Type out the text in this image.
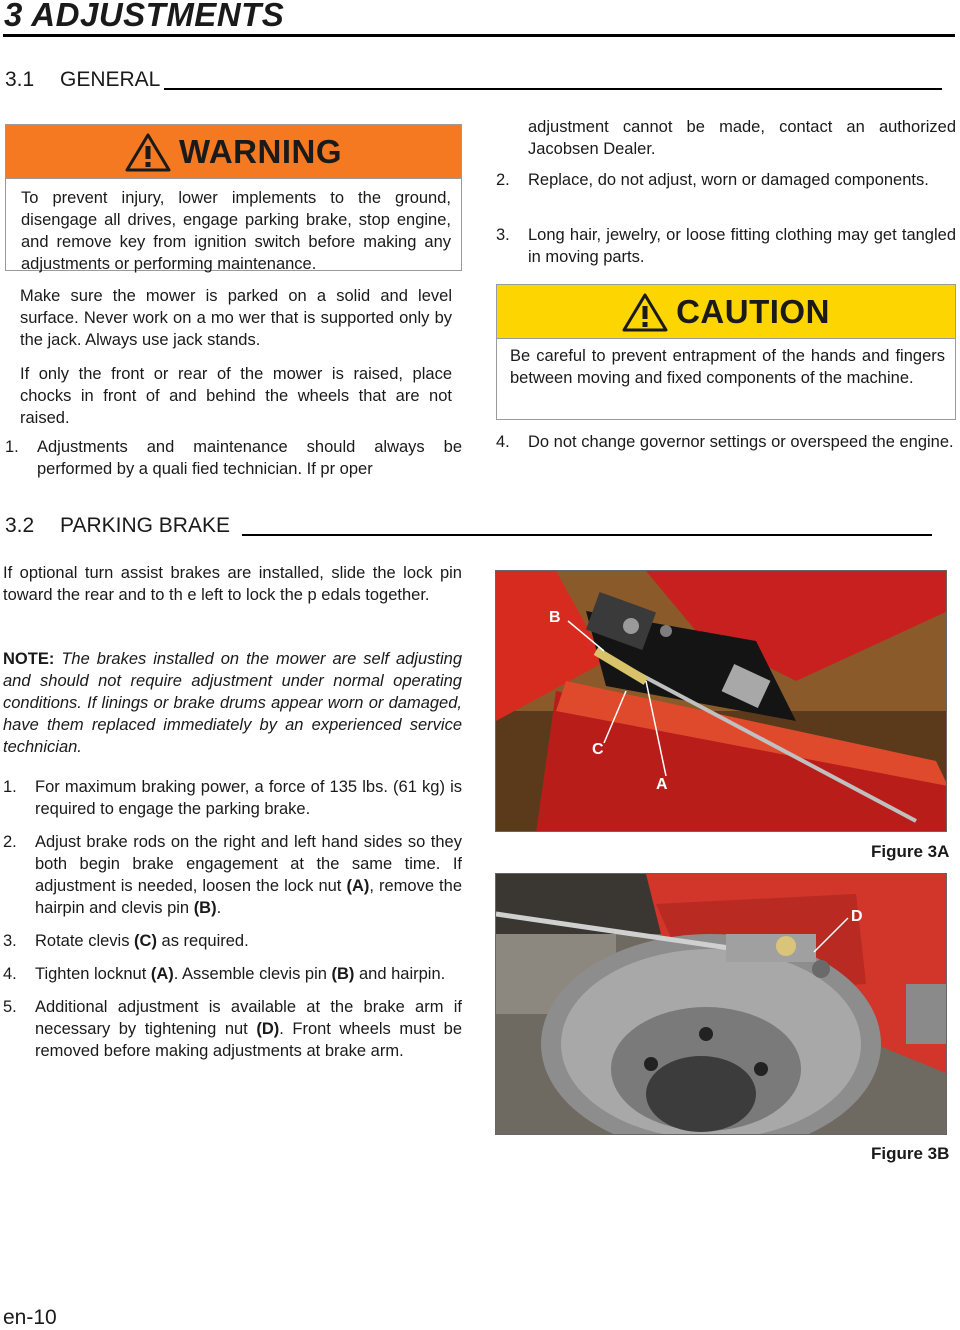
3 ADJUSTMENTS
3.1	GENERAL
WARNING
To prevent injury, lower implements to the ground, disengage all drives, engage parking brake, stop engine, and remove key from ignition switch before making any adjustments or performing maintenance.

Make sure the mower is parked on a solid and level surface. Never work on a mo wer that is supported only by the jack. Always use jack stands.

If only the front or rear of the mower is raised, place chocks in front of and behind the wheels that are not raised.

1.	Adjustments and maintenance should always be performed by a quali fied technician. If pr oper
adjustment cannot be made, contact an authorized Jacobsen Dealer.
2.	Replace, do not adjust, worn or damaged components.
3.	Long hair, jewelry, or loose fitting clothing may get tangled in moving parts.
CAUTION
Be careful to prevent entrapment of the hands and fingers between moving and fixed components of the machine.
4.	Do not change governor settings or overspeed the engine.
3.2	PARKING BRAKE

If optional turn assist brakes are installed, slide the lock pin toward the rear and to th e left to lock the p edals together.

NOTE: The brakes installed on the mower are self adjusting and should not require adjustment under normal operating conditions. If linings or brake drums appear worn or damaged, have them replaced immediately by an experienced service technician.

1.	For maximum braking power, a force of 135 lbs. (61 kg) is required to engage the parking brake.
2.	Adjust brake rods on the right and left hand sides so they both begin brake engagement at the same time. If adjustment is needed, loosen the lock nut (A), remove the hairpin and clevis pin (B).
3.	Rotate clevis (C) as required.
4.	Tighten locknut (A). Assemble clevis pin (B) and hairpin.
5.	Additional adjustment is available at the brake arm if necessary by tightening nut (D). Front wheels must be removed before making adjustments at brake arm.
B
C
A
Figure 3A
D
Figure 3B
en-10
